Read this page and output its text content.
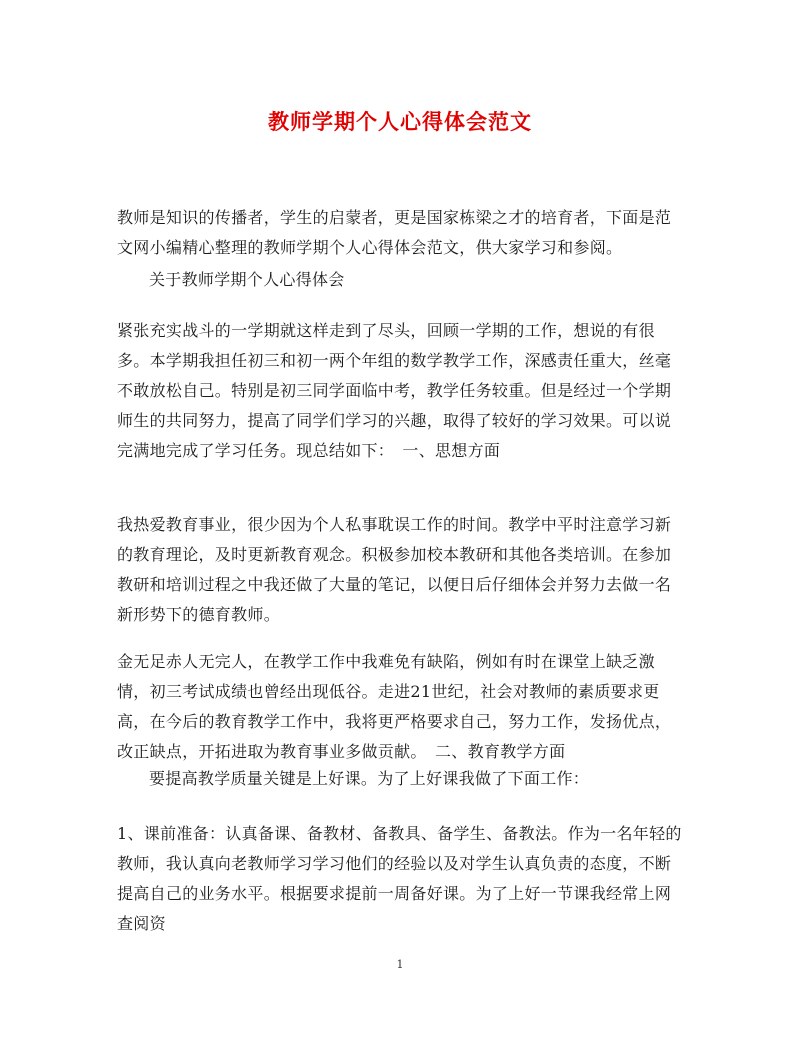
教师学期个人心得体会范文

教师是知识的传播者，学生的启蒙者，更是国家栋梁之才的培育者，下面是范文网小编精心整理的教师学期个人心得体会范文，供大家学习和参阅。

关于教师学期个人心得体会

紧张充实战斗的一学期就这样走到了尽头，回顾一学期的工作，想说的有很多。本学期我担任初三和初一两个年组的数学教学工作，深感责任重大，丝毫不敢放松自己。特别是初三同学面临中考，教学任务较重。但是经过一个学期师生的共同努力，提高了同学们学习的兴趣，取得了较好的学习效果。可以说完满地完成了学习任务。现总结如下：　一、思想方面

我热爱教育事业，很少因为个人私事耽误工作的时间。教学中平时注意学习新的教育理论，及时更新教育观念。积极参加校本教研和其他各类培训。在参加教研和培训过程之中我还做了大量的笔记，以便日后仔细体会并努力去做一名新形势下的德育教师。

金无足赤人无完人，在教学工作中我难免有缺陷，例如有时在课堂上缺乏激情，初三考试成绩也曾经出现低谷。走进21世纪，社会对教师的素质要求更高，在今后的教育教学工作中，我将更严格要求自己，努力工作，发扬优点，改正缺点，开拓进取为教育事业多做贡献。　二、教育教学方面

要提高教学质量关键是上好课。为了上好课我做了下面工作：

1、课前准备：认真备课、备教材、备教具、备学生、备教法。作为一名年轻的教师，我认真向老教师学习学习他们的经验以及对学生认真负责的态度，不断提高自己的业务水平。根据要求提前一周备好课。为了上好一节课我经常上网查阅资

1
